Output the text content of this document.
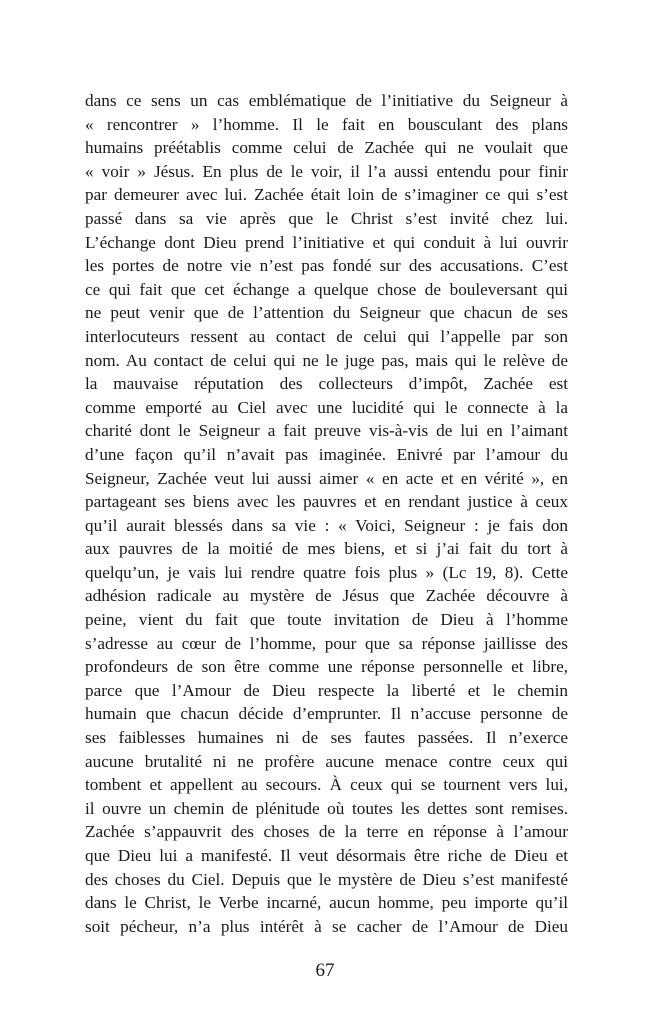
dans ce sens un cas emblématique de l’initiative du Seigneur à
« rencontrer » l’homme. Il le fait en bousculant des plans
humains préétablis comme celui de Zachée qui ne voulait que
« voir » Jésus. En plus de le voir, il l’a aussi entendu pour finir
par demeurer avec lui. Zachée était loin de s’imaginer ce qui s’est
passé dans sa vie après que le Christ s’est invité chez lui.
L’échange dont Dieu prend l’initiative et qui conduit à lui ouvrir
les portes de notre vie n’est pas fondé sur des accusations. C’est
ce qui fait que cet échange a quelque chose de bouleversant qui
ne peut venir que de l’attention du Seigneur que chacun de ses
interlocuteurs ressent au contact de celui qui l’appelle par son
nom. Au contact de celui qui ne le juge pas, mais qui le relève de
la mauvaise réputation des collecteurs d’impôt, Zachée est
comme emporté au Ciel avec une lucidité qui le connecte à la
charité dont le Seigneur a fait preuve vis-à-vis de lui en l’aimant
d’une façon qu’il n’avait pas imaginée. Enivré par l’amour du
Seigneur, Zachée veut lui aussi aimer « en acte et en vérité », en
partageant ses biens avec les pauvres et en rendant justice à ceux
qu’il aurait blessés dans sa vie : « Voici, Seigneur : je fais don
aux pauvres de la moitié de mes biens, et si j’ai fait du tort à
quelqu’un, je vais lui rendre quatre fois plus » (Lc 19, 8). Cette
adhésion radicale au mystère de Jésus que Zachée découvre à
peine, vient du fait que toute invitation de Dieu à l’homme
s’adresse au cœur de l’homme, pour que sa réponse jaillisse des
profondeurs de son être comme une réponse personnelle et libre,
parce que l’Amour de Dieu respecte la liberté et le chemin
humain que chacun décide d’emprunter. Il n’accuse personne de
ses faiblesses humaines ni de ses fautes passées. Il n’exerce
aucune brutalité ni ne profère aucune menace contre ceux qui
tombent et appellent au secours. À ceux qui se tournent vers lui,
il ouvre un chemin de plénitude où toutes les dettes sont remises.
Zachée s’appauvrit des choses de la terre en réponse à l’amour
que Dieu lui a manifesté. Il veut désormais être riche de Dieu et
des choses du Ciel. Depuis que le mystère de Dieu s’est manifesté
dans le Christ, le Verbe incarné, aucun homme, peu importe qu’il
soit pécheur, n’a plus intérêt à se cacher de l’Amour de Dieu
67
